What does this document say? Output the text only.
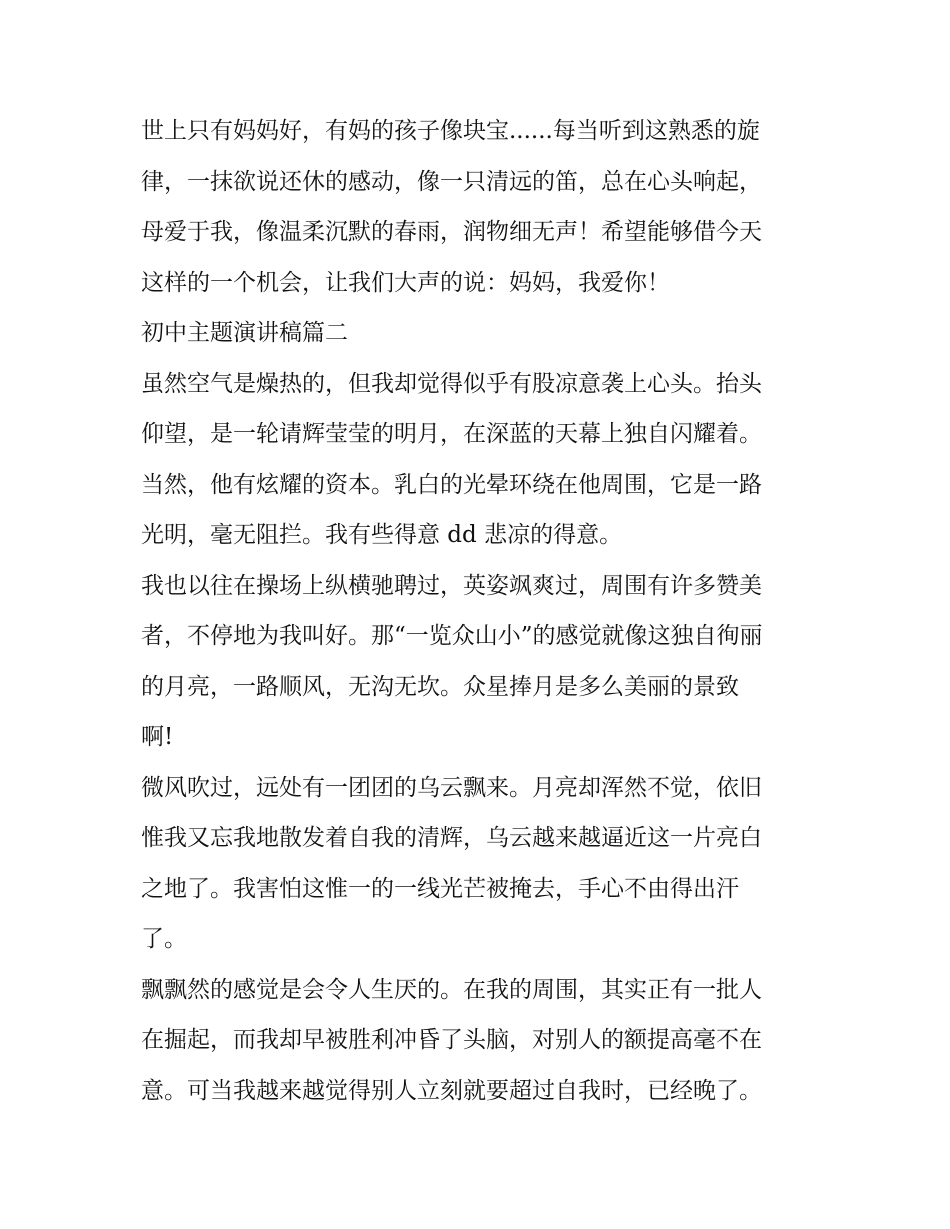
世上只有妈妈好，有妈的孩子像块宝......每当听到这熟悉的旋
律，一抹欲说还休的感动，像一只清远的笛，总在心头响起，
母爱于我，像温柔沉默的春雨，润物细无声！希望能够借今天
这样的一个机会，让我们大声的说：妈妈，我爱你！
初中主题演讲稿篇二
虽然空气是燥热的，但我却觉得似乎有股凉意袭上心头。抬头
仰望，是一轮请辉莹莹的明月，在深蓝的天幕上独自闪耀着。
当然，他有炫耀的资本。乳白的光晕环绕在他周围，它是一路
光明，毫无阻拦。我有些得意 dd 悲凉的得意。
我也以往在操场上纵横驰聘过，英姿飒爽过，周围有许多赞美
者，不停地为我叫好。那“一览众山小”的感觉就像这独自徇丽
的月亮，一路顺风，无沟无坎。众星捧月是多么美丽的景致
啊!
微风吹过，远处有一团团的乌云飘来。月亮却浑然不觉，依旧
惟我又忘我地散发着自我的清辉，乌云越来越逼近这一片亮白
之地了。我害怕这惟一的一线光芒被掩去，手心不由得出汗
了。
飘飘然的感觉是会令人生厌的。在我的周围，其实正有一批人
在掘起，而我却早被胜利冲昏了头脑，对别人的额提高毫不在
意。可当我越来越觉得别人立刻就要超过自我时，已经晚了。
